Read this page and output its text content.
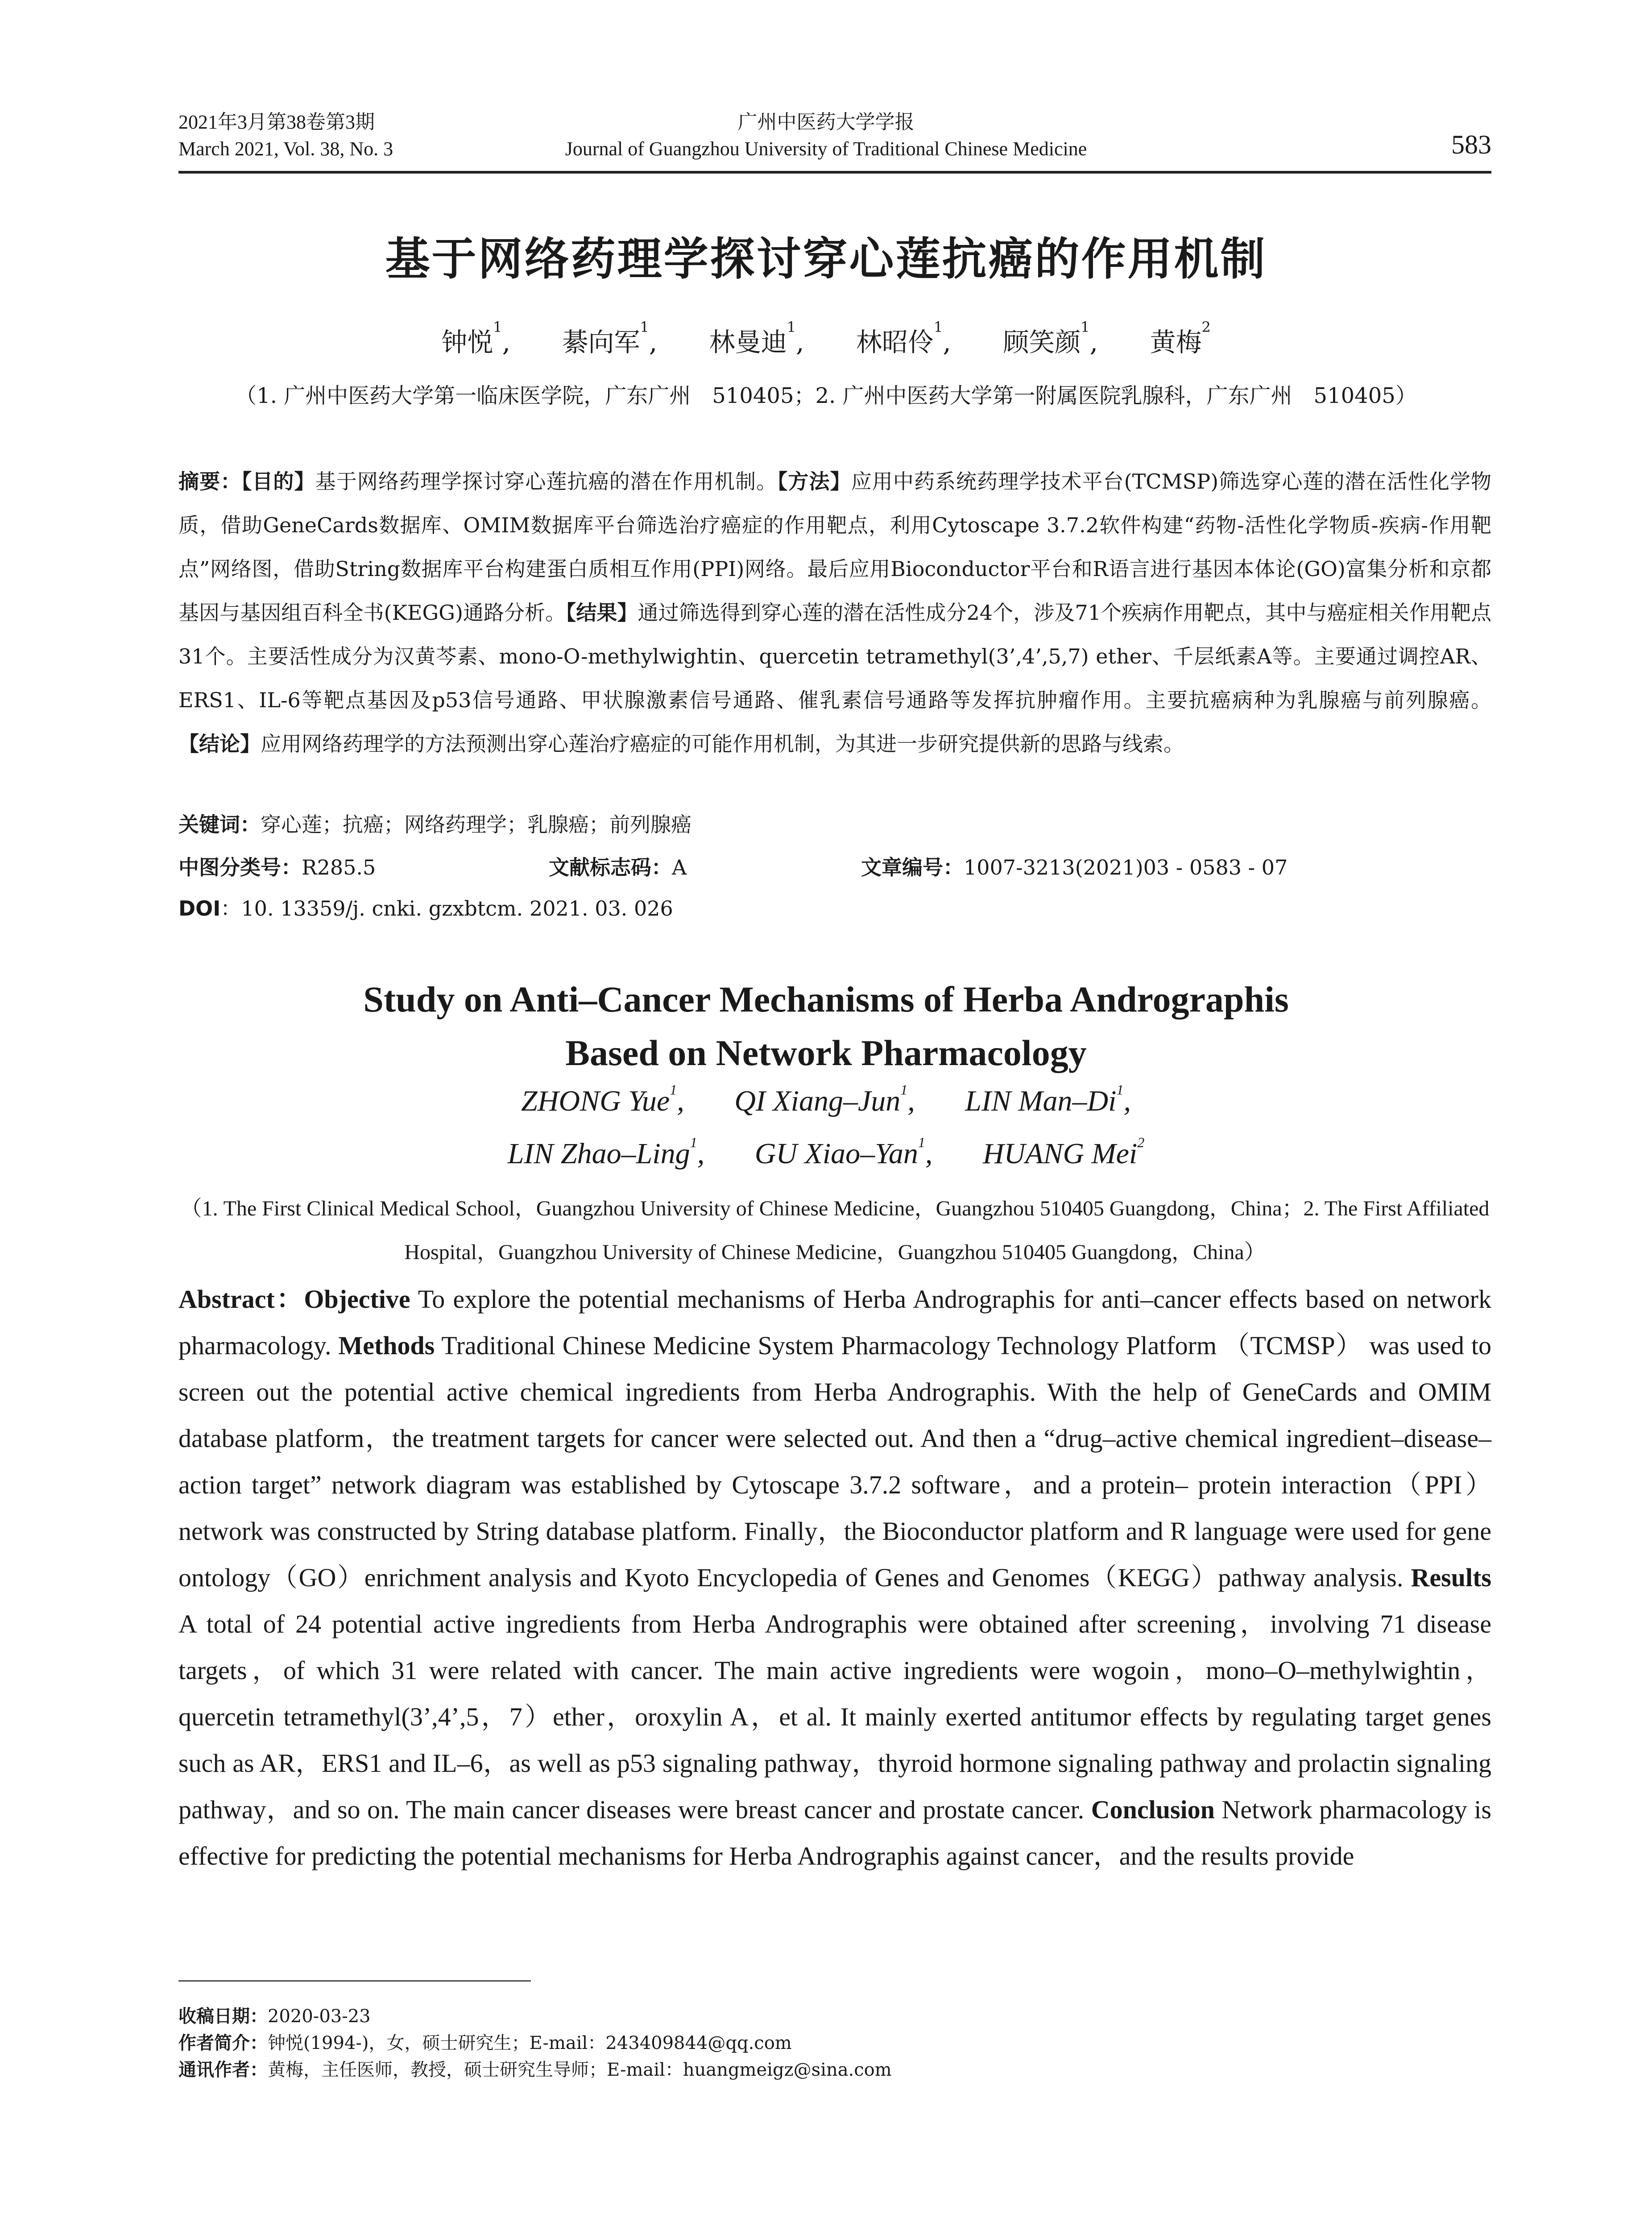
2021年3月第38卷第3期
March 2021, Vol. 38, No. 3
广州中医药大学学报
Journal of Guangzhou University of Traditional Chinese Medicine	583
基于网络药理学探讨穿心莲抗癌的作用机制
钟悦$^1$, 綦向军$^1$, 林曼迪$^1$, 林昭伶$^1$, 顾笑颜$^1$, 黄梅$^2$
（1. 广州中医药大学第一临床医学院，广东广州　510405；2. 广州中医药大学第一附属医院乳腺科，广东广州　510405）
摘要：【目的】基于网络药理学探讨穿心莲抗癌的潜在作用机制。【方法】应用中药系统药理学技术平台(TCMSP)筛选穿心莲的潜在活性化学物质，借助GeneCards数据库、OMIM数据库平台筛选治疗癌症的作用靶点，利用Cytoscape 3.7.2软件构建“药物-活性化学物质-疾病-作用靶点”网络图，借助String数据库平台构建蛋白质相互作用(PPI)网络。最后应用Bioconductor平台和R语言进行基因本体论(GO)富集分析和京都基因与基因组百科全书(KEGG)通路分析。【结果】通过筛选得到穿心莲的潜在活性成分24个，涉及71个疾病作用靶点，其中与癌症相关作用靶点31个。主要活性成分为汉黄芩素、mono-O-methylwightin、quercetin tetramethyl(3’,4’,5,7) ether、千层纸素A等。主要通过调控AR、ERS1、IL-6等靶点基因及p53信号通路、甲状腺激素信号通路、催乳素信号通路等发挥抗肿瘤作用。主要抗癌病种为乳腺癌与前列腺癌。【结论】应用网络药理学的方法预测出穿心莲治疗癌症的可能作用机制，为其进一步研究提供新的思路与线索。
关键词：穿心莲；抗癌；网络药理学；乳腺癌；前列腺癌
中图分类号：R285.5	文献标志码：A	文章编号：1007-3213(2021)03 - 0583 - 07
DOI：10. 13359/j. cnki. gzxbtcm. 2021. 03. 026
Study on Anti–Cancer Mechanisms of Herba Andrographis
Based on Network Pharmacology
ZHONG Yue$^1$, QI Xiang–Jun$^1$, LIN Man–Di$^1$,
LIN Zhao–Ling$^1$, GU Xiao–Yan$^1$, HUANG Mei$^2$
（1. The First Clinical Medical School，Guangzhou University of Chinese Medicine，Guangzhou 510405 Guangdong，China；2. The First Affiliated Hospital，Guangzhou University of Chinese Medicine，Guangzhou 510405 Guangdong，China）
Abstract：Objective To explore the potential mechanisms of Herba Andrographis for anti–cancer effects based on network pharmacology. Methods Traditional Chinese Medicine System Pharmacology Technology Platform （TCMSP） was used to screen out the potential active chemical ingredients from Herba Andrographis. With the help of GeneCards and OMIM database platform，the treatment targets for cancer were selected out. And then a “drug–active chemical ingredient–disease–action target” network diagram was established by Cytoscape 3.7.2 software，and a protein– protein interaction（PPI）network was constructed by String database platform. Finally，the Bioconductor platform and R language were used for gene ontology（GO）enrichment analysis and Kyoto Encyclopedia of Genes and Genomes（KEGG）pathway analysis. Results A total of 24 potential active ingredients from Herba Andrographis were obtained after screening，involving 71 disease targets，of which 31 were related with cancer. The main active ingredients were wogoin，mono–O–methylwightin，quercetin tetramethyl(3’,4’,5，7）ether，oroxylin A，et al. It mainly exerted antitumor effects by regulating target genes such as AR，ERS1 and IL–6，as well as p53 signaling pathway，thyroid hormone signaling pathway and prolactin signaling pathway，and so on. The main cancer diseases were breast cancer and prostate cancer. Conclusion Network pharmacology is effective for predicting the potential mechanisms for Herba Andrographis against cancer，and the results provide
收稿日期：2020-03-23
作者简介：钟悦(1994-)，女，硕士研究生；E-mail：243409844@qq.com
通讯作者：黄梅，主任医师，教授，硕士研究生导师；E-mail：huangmeigz@sina.com
